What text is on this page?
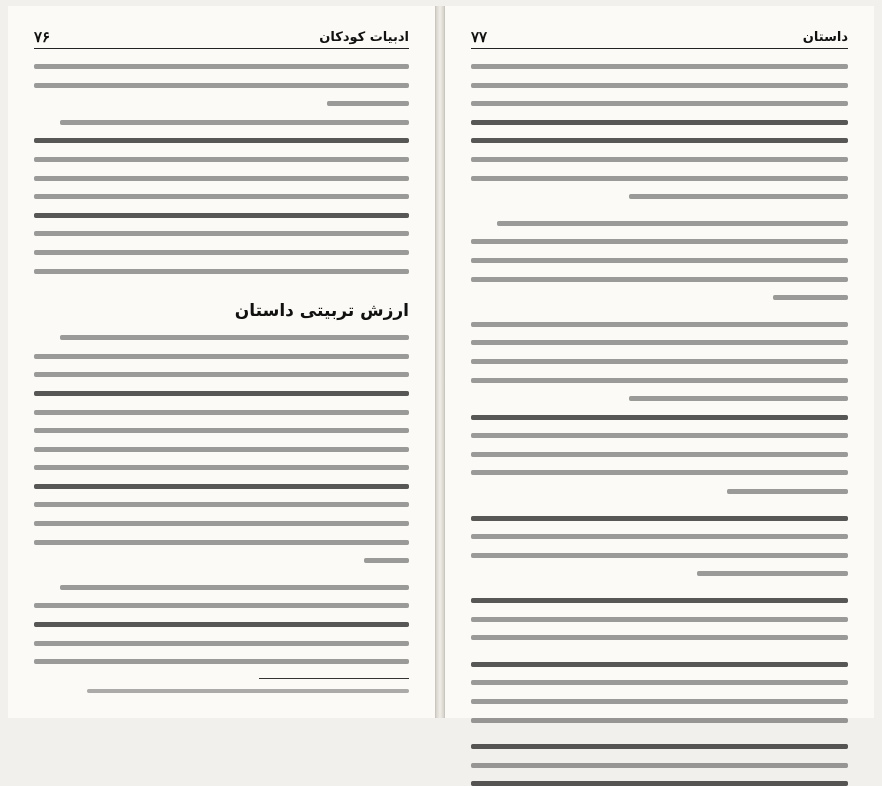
۷۶	ادبیات کودکان
ارزش تربیتی داستان
۷۷	داستان
